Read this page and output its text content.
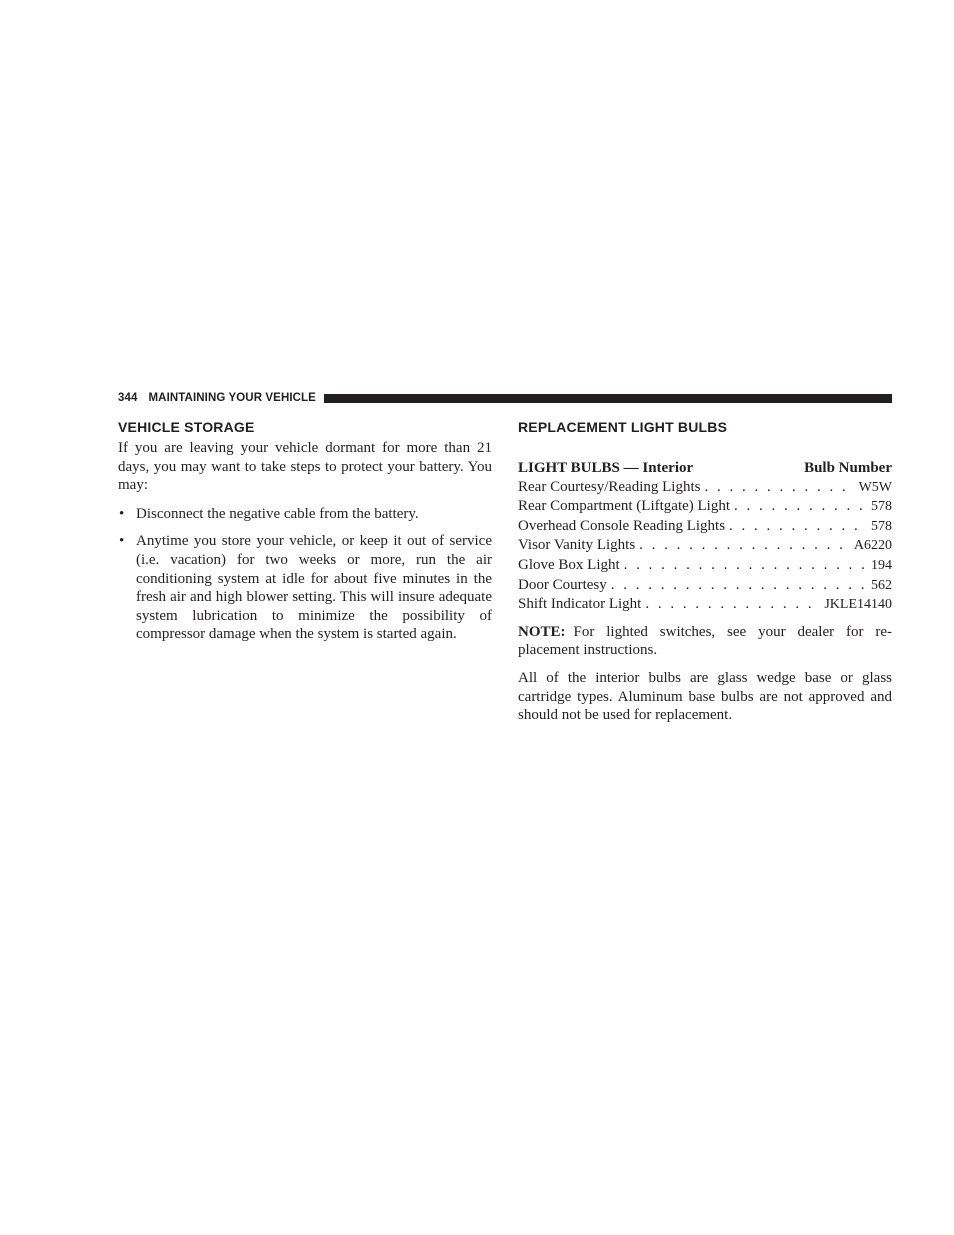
344 MAINTAINING YOUR VEHICLE
VEHICLE STORAGE

If you are leaving your vehicle dormant for more than 21 days, you may want to take steps to protect your battery. You may:

• Disconnect the negative cable from the battery.
• Anytime you store your vehicle, or keep it out of service (i.e. vacation) for two weeks or more, run the air conditioning system at idle for about five minutes in the fresh air and high blower setting. This will insure adequate system lubrication to minimize the possibility of compressor damage when the system is started again.
REPLACEMENT LIGHT BULBS
LIGHT BULBS — Interior	Bulb Number
Rear Courtesy/Reading Lights . . .	W5W
Rear Compartment (Liftgate) Light . . .	578
Overhead Console Reading Lights . . .	578
Visor Vanity Lights . . .	A6220
Glove Box Light . . .	194
Door Courtesy . . .	562
Shift Indicator Light . . .	JKLE14140

NOTE: For lighted switches, see your dealer for re-placement instructions.

All of the interior bulbs are glass wedge base or glass cartridge types. Aluminum base bulbs are not approved and should not be used for replacement.
